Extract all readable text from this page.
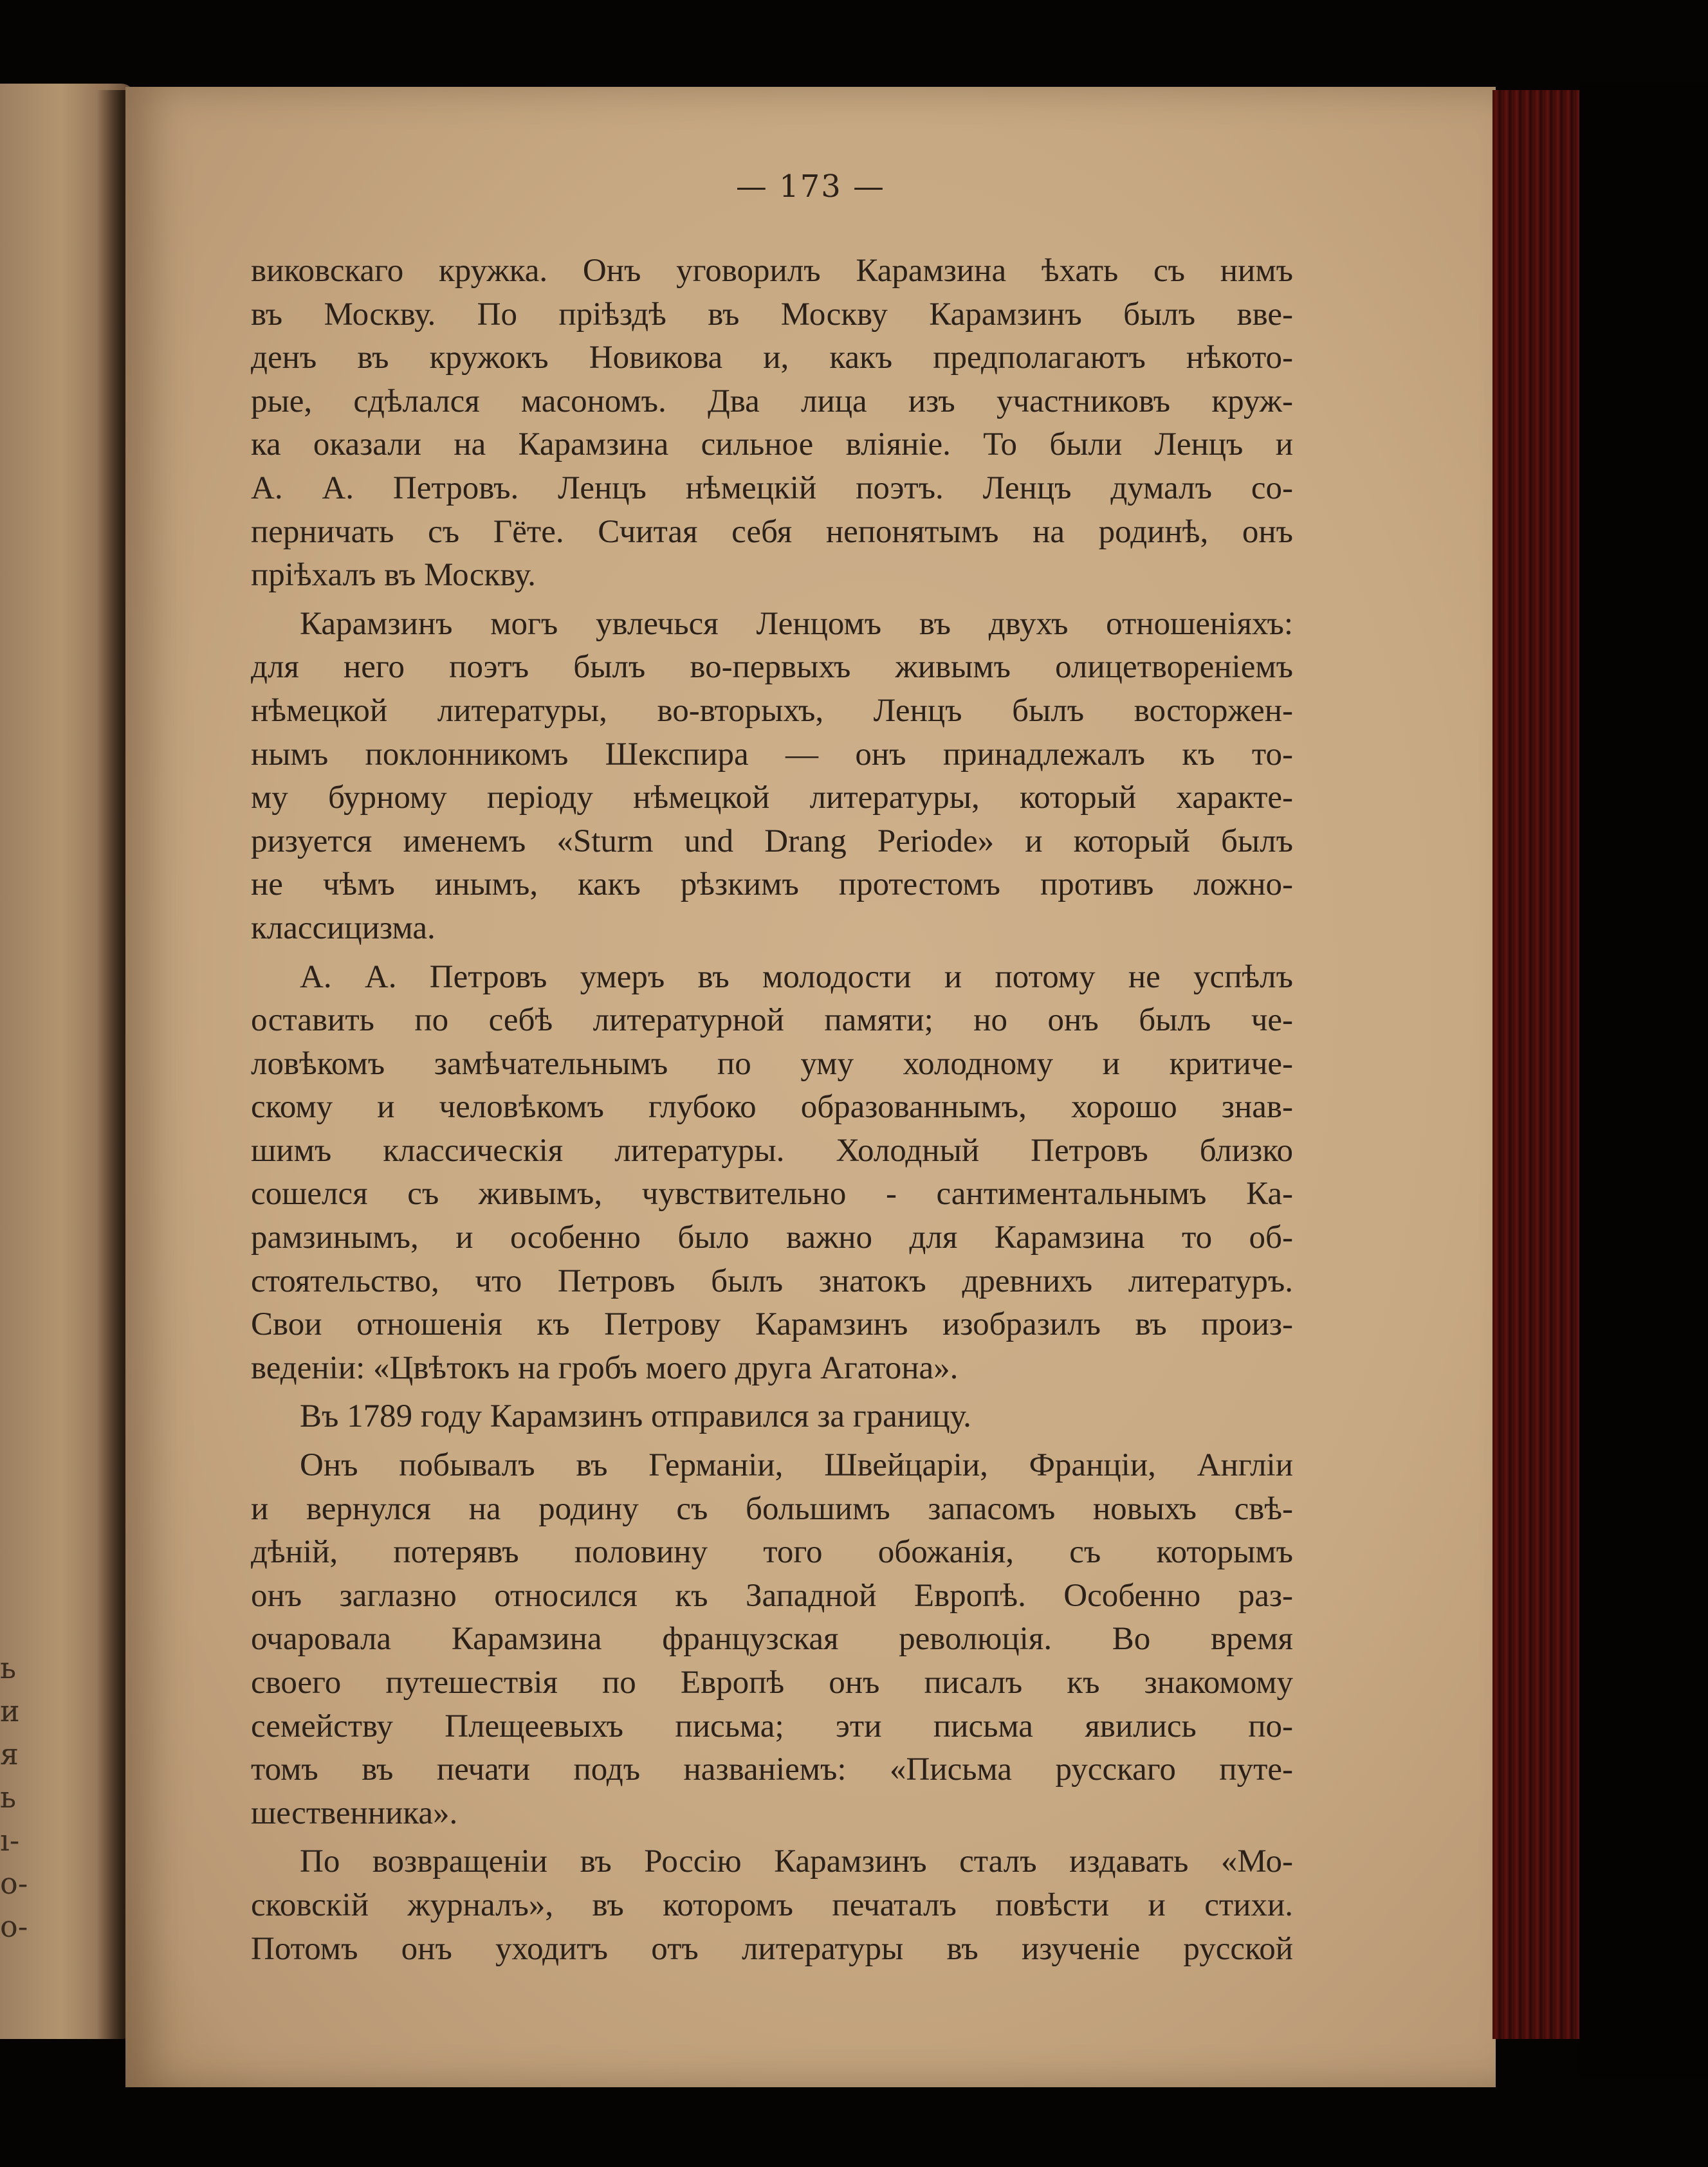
ь
и
я
ь
ı-
о-
о-
— 173 —
виковскаго кружка. Онъ уговорилъ Карамзина ѣхать съ нимъ
въ Москву. По пріѣздѣ въ Москву Карамзинъ былъ вве-
денъ въ кружокъ Новикова и, какъ предполагаютъ нѣкото-
рые, сдѣлался масономъ. Два лица изъ участниковъ круж-
ка оказали на Карамзина сильное вліяніе. То были Ленцъ и
А. А. Петровъ. Ленцъ нѣмецкій поэтъ. Ленцъ думалъ со-
перничать съ Гёте. Считая себя непонятымъ на родинѣ, онъ
пріѣхалъ въ Москву.
Карамзинъ могъ увлечься Ленцомъ въ двухъ отношеніяхъ:
для него поэтъ былъ во-первыхъ живымъ олицетвореніемъ
нѣмецкой литературы, во-вторыхъ, Ленцъ былъ восторжен-
нымъ поклонникомъ Шекспира — онъ принадлежалъ къ то-
му бурному періоду нѣмецкой литературы, который характе-
ризуется именемъ «Sturm und Drang Periode» и который былъ
не чѣмъ инымъ, какъ рѣзкимъ протестомъ противъ ложно-
классицизма.
А. А. Петровъ умеръ въ молодости и потому не успѣлъ
оставить по себѣ литературной памяти; но онъ былъ че-
ловѣкомъ замѣчательнымъ по уму холодному и критиче-
скому и человѣкомъ глубоко образованнымъ, хорошо знав-
шимъ классическія литературы. Холодный Петровъ близко
сошелся съ живымъ, чувствительно - сантиментальнымъ Ка-
рамзинымъ, и особенно было важно для Карамзина то об-
стоятельство, что Петровъ былъ знатокъ древнихъ литературъ.
Свои отношенія къ Петрову Карамзинъ изобразилъ въ произ-
веденіи: «Цвѣтокъ на гробъ моего друга Агатона».
Въ 1789 году Карамзинъ отправился за границу.
Онъ побывалъ въ Германіи, Швейцаріи, Франціи, Англіи
и вернулся на родину съ большимъ запасомъ новыхъ свѣ-
дѣній, потерявъ половину того обожанія, съ которымъ
онъ заглазно относился къ Западной Европѣ. Особенно раз-
очаровала Карамзина французская революція. Во время
своего путешествія по Европѣ онъ писалъ къ знакомому
семейству Плещеевыхъ письма; эти письма явились по-
томъ въ печати подъ названіемъ: «Письма русскаго путе-
шественника».
По возвращеніи въ Россію Карамзинъ сталъ издавать «Мо-
сковскій журналъ», въ которомъ печаталъ повѣсти и стихи.
Потомъ онъ уходитъ отъ литературы въ изученіе русской
